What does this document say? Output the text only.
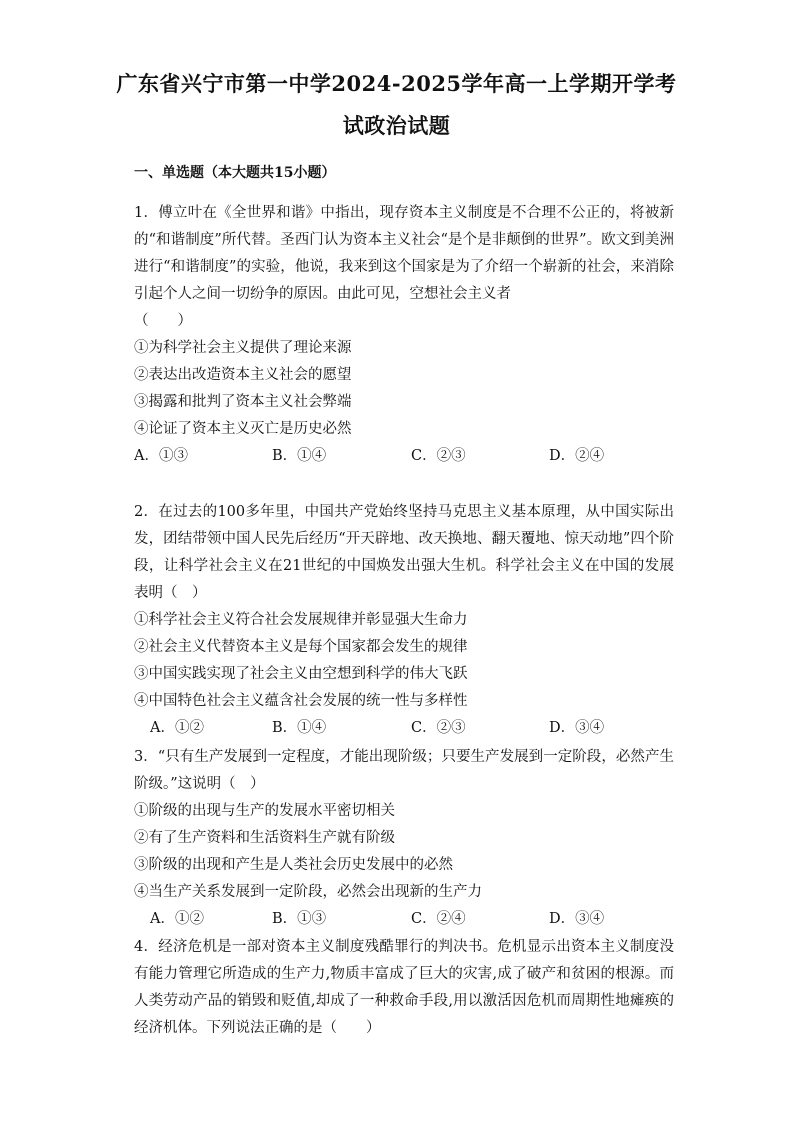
广东省兴宁市第一中学2024-2025学年高一上学期开学考
试政治试题
一、单选题（本大题共15小题）

1．傅立叶在《全世界和谐》中指出，现存资本主义制度是不合理不公正的，将被新的“和谐制度”所代替。圣西门认为资本主义社会“是个是非颠倒的世界”。欧文到美洲进行“和谐制度”的实验，他说，我来到这个国家是为了介绍一个崭新的社会，来消除引起个人之间一切纷争的原因。由此可见，空想社会主义者

（　　）

①为科学社会主义提供了理论来源

②表达出改造资本主义社会的愿望

③揭露和批判了资本主义社会弊端

④论证了资本主义灭亡是历史必然

A．①③	B．①④	C．②③	D．②④

2．在过去的100多年里，中国共产党始终坚持马克思主义基本原理，从中国实际出发，团结带领中国人民先后经历“开天辟地、改天换地、翻天覆地、惊天动地”四个阶段，让科学社会主义在21世纪的中国焕发出强大生机。科学社会主义在中国的发展表明（　）

①科学社会主义符合社会发展规律并彰显强大生命力

②社会主义代替资本主义是每个国家都会发生的规律

③中国实践实现了社会主义由空想到科学的伟大飞跃

④中国特色社会主义蕴含社会发展的统一性与多样性

A．①②	B．①④	C．②③	D．③④

3．“只有生产发展到一定程度，才能出现阶级；只要生产发展到一定阶段，必然产生阶级。”这说明（　）

①阶级的出现与生产的发展水平密切相关

②有了生产资料和生活资料生产就有阶级

③阶级的出现和产生是人类社会历史发展中的必然

④当生产关系发展到一定阶段，必然会出现新的生产力

A．①②	B．①③	C．②④	D．③④

4．经济危机是一部对资本主义制度残酷罪行的判决书。危机显示出资本主义制度没有能力管理它所造成的生产力,物质丰富成了巨大的灾害,成了破产和贫困的根源。而人类劳动产品的销毁和贬值,却成了一种救命手段,用以激活因危机而周期性地瘫痪的经济机体。下列说法正确的是（　　）
